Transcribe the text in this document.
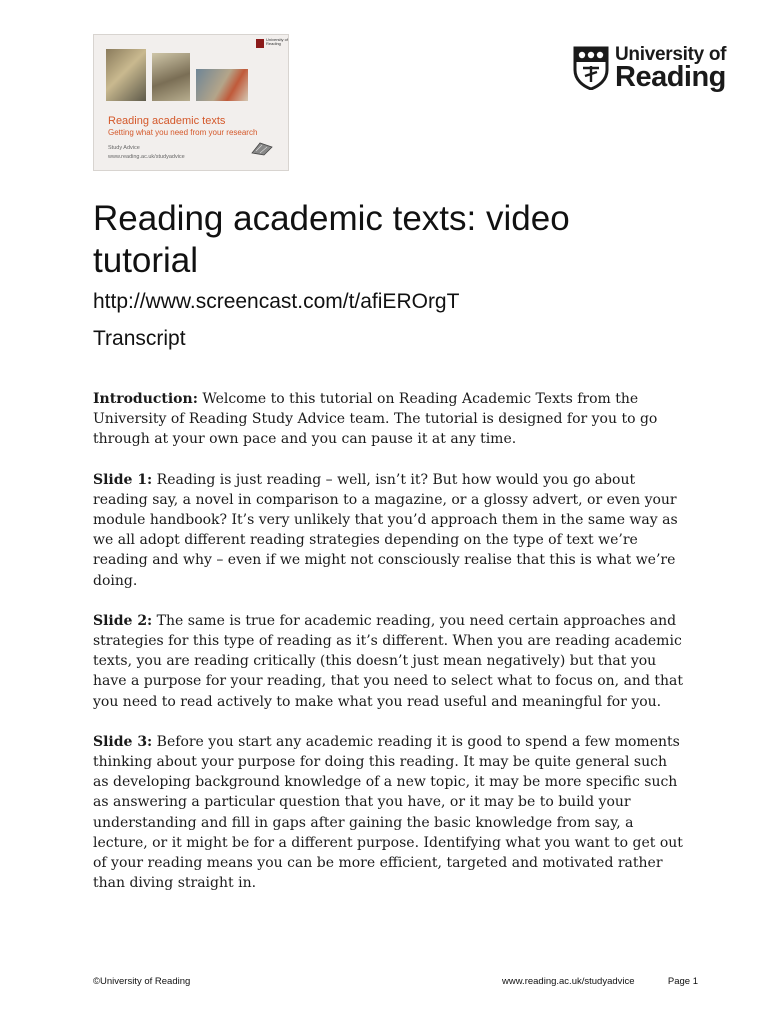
University of Reading
Reading academic texts
Getting what you need from your research
Study Advice
www.reading.ac.uk/studyadvice
University of
Reading
Reading academic texts: video tutorial
http://www.screencast.com/t/afiEROrgT
Transcript

Introduction: Welcome to this tutorial on Reading Academic Texts from the University of Reading Study Advice team. The tutorial is designed for you to go through at your own pace and you can pause it at any time.

Slide 1: Reading is just reading – well, isn’t it? But how would you go about reading say, a novel in comparison to a magazine, or a glossy advert, or even your module handbook? It’s very unlikely that you’d approach them in the same way as we all adopt different reading strategies depending on the type of text we’re reading and why – even if we might not consciously realise that this is what we’re doing.

Slide 2: The same is true for academic reading, you need certain approaches and strategies for this type of reading as it’s different. When you are reading academic texts, you are reading critically (this doesn’t just mean negatively) but that you have a purpose for your reading, that you need to select what to focus on, and that you need to read actively to make what you read useful and meaningful for you.

Slide 3: Before you start any academic reading it is good to spend a few moments thinking about your purpose for doing this reading. It may be quite general such as developing background knowledge of a new topic, it may be more specific such as answering a particular question that you have, or it may be to build your understanding and fill in gaps after gaining the basic knowledge from say, a lecture, or it might be for a different purpose. Identifying what you want to get out of your reading means you can be more efficient, targeted and motivated rather than diving straight in.

©University of Reading	www.reading.ac.uk/studyadvice	Page 1
